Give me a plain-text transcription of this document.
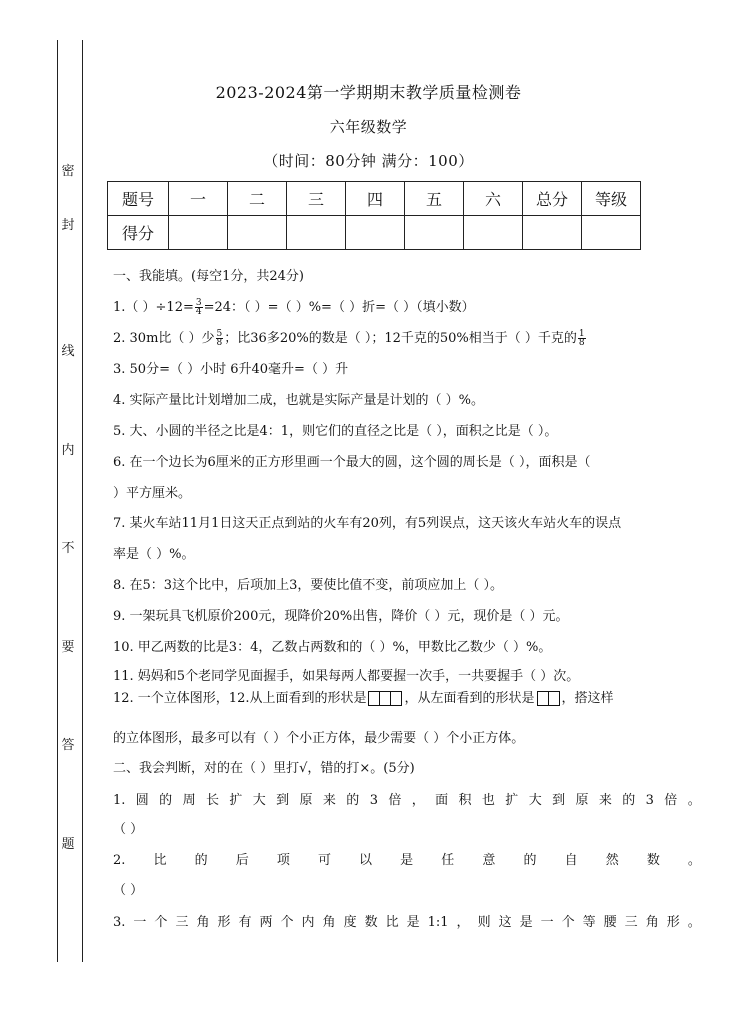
密
封
线
内
不
要
答
题
2023-2024第一学期期末教学质量检测卷
六年级数学
（时间：80分钟 满分：100）
题号	一	二	三	四	五	六	总分	等级
得分								
一、我能填。(每空1分，共24分)
1.（ ）$\div 12= \frac{3}{4} =24$：（ ）=（ ）%=（ ）折=（ ）（填小数）
2. 30m比（ ）少 $\frac{5}{8}$ ；比36多20%的数是（ ）；12千克的50%相当于（ ）千克的 $\frac{1}{8}$
3. 50分=（ ）小时 6升40毫升=（ ）升
4. 实际产量比计划增加二成，也就是实际产量是计划的（ ）%。
5. 大、小圆的半径之比是4：1，则它们的直径之比是（ ），面积之比是（ ）。
6. 在一个边长为6厘米的正方形里画一个最大的圆，这个圆的周长是（ ），面积是（
）平方厘米。
7. 某火车站11月1日这天正点到站的火车有20列，有5列误点，这天该火车站火车的误点
率是（ ）%。
8. 在5：3这个比中，后项加上3，要使比值不变，前项应加上（ ）。
9. 一架玩具飞机原价200元，现降价20%出售，降价（ ）元，现价是（ ）元。
10. 甲乙两数的比是3：4，乙数占两数和的（ ）%，甲数比乙数少（ ）%。
11. 妈妈和5个老同学见面握手，如果每两人都要握一次手，一共要握手（ ）次。
12. 一个立体图形，12.从上面看到的形状是	，从左面看到的形状是 ，搭这样
的立体图形，最多可以有（ ）个小正方体，最少需要（ ）个小正方体。
二、我会判断，对的在（ ）里打√，错的打×。(5分)
1. 圆 的 周 长 扩 大 到 原 来 的 3 倍 ， 面 积 也 扩 大 到 原 来 的 3 倍 。
（ ）
2. 比 的 后 项 可 以 是 任 意 的 自 然 数 。
（ ）
3. 一 个 三 角 形 有 两 个 内 角 度 数 比 是 1:1 ， 则 这 是 一 个 等 腰 三 角 形 。
